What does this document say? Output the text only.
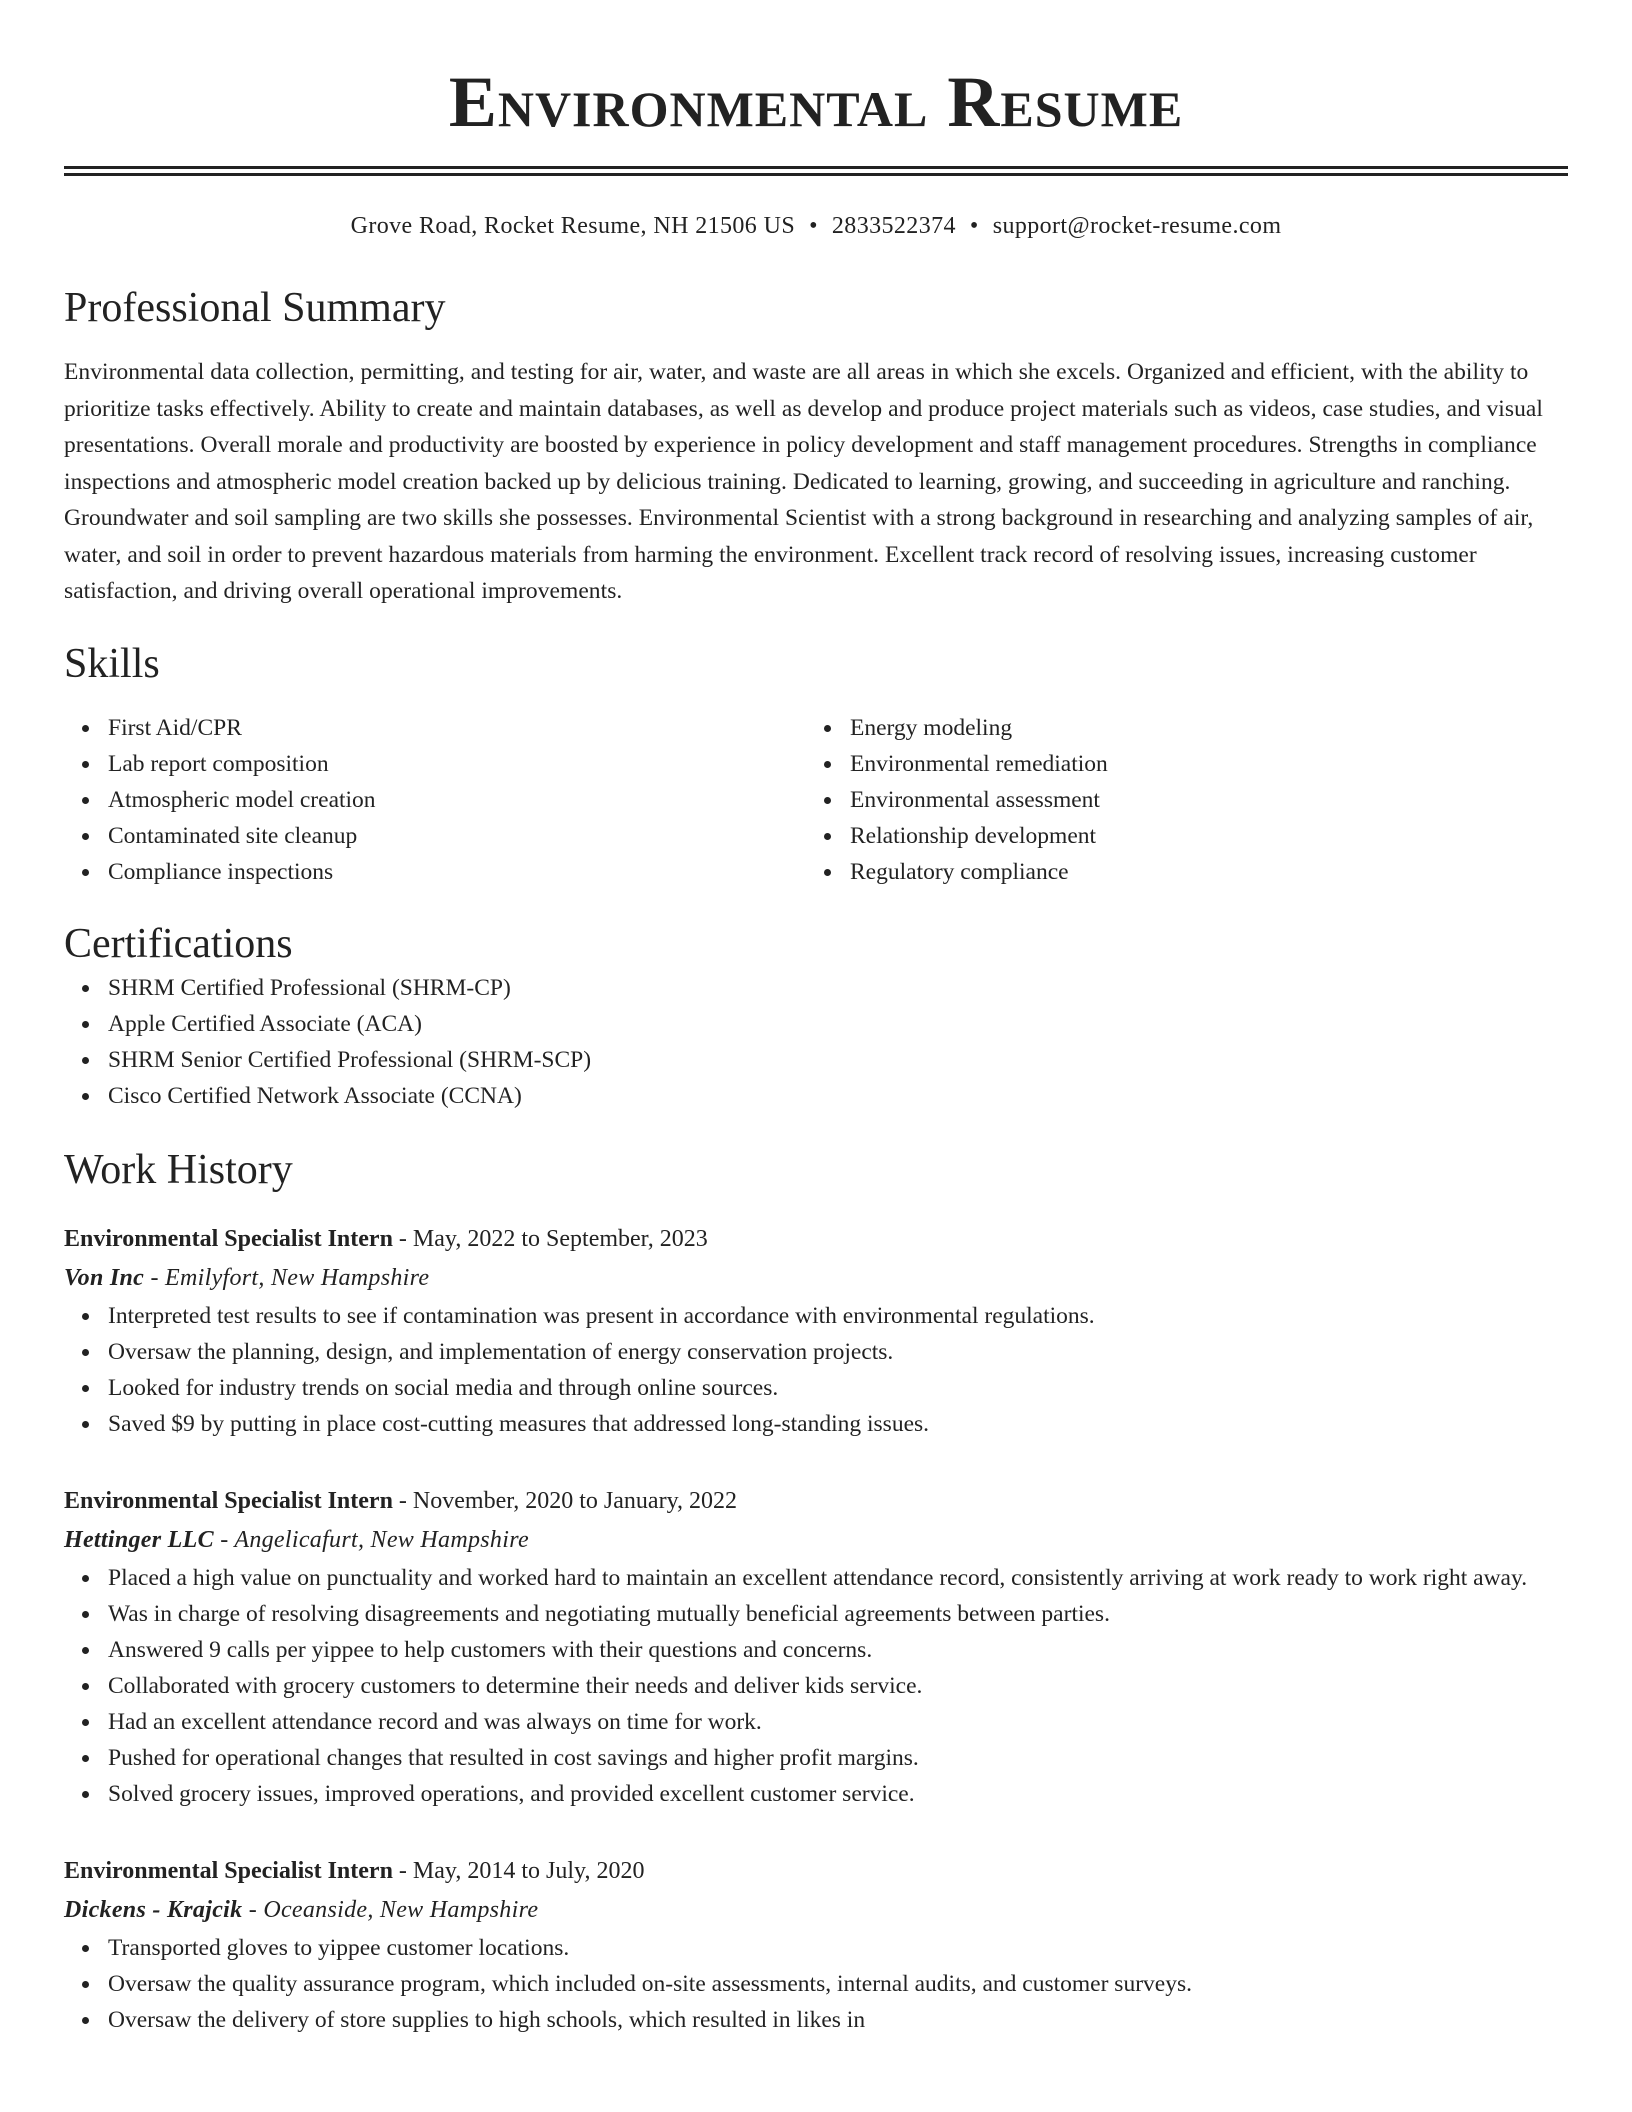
Environmental Resume
Grove Road, Rocket Resume, NH 21506 US • 2833522374 • support@rocket-resume.com
Professional Summary
Environmental data collection, permitting, and testing for air, water, and waste are all areas in which she excels. Organized and efficient, with the ability to prioritize tasks effectively. Ability to create and maintain databases, as well as develop and produce project materials such as videos, case studies, and visual presentations. Overall morale and productivity are boosted by experience in policy development and staff management procedures. Strengths in compliance inspections and atmospheric model creation backed up by delicious training. Dedicated to learning, growing, and succeeding in agriculture and ranching. Groundwater and soil sampling are two skills she possesses. Environmental Scientist with a strong background in researching and analyzing samples of air, water, and soil in order to prevent hazardous materials from harming the environment. Excellent track record of resolving issues, increasing customer satisfaction, and driving overall operational improvements.
Skills
First Aid/CPR
Lab report composition
Atmospheric model creation
Contaminated site cleanup
Compliance inspections
Energy modeling
Environmental remediation
Environmental assessment
Relationship development
Regulatory compliance
Certifications
SHRM Certified Professional (SHRM-CP)
Apple Certified Associate (ACA)
SHRM Senior Certified Professional (SHRM-SCP)
Cisco Certified Network Associate (CCNA)
Work History
Environmental Specialist Intern - May, 2022 to September, 2023
Von Inc - Emilyfort, New Hampshire
Interpreted test results to see if contamination was present in accordance with environmental regulations.
Oversaw the planning, design, and implementation of energy conservation projects.
Looked for industry trends on social media and through online sources.
Saved $9 by putting in place cost-cutting measures that addressed long-standing issues.
Environmental Specialist Intern - November, 2020 to January, 2022
Hettinger LLC - Angelicafurt, New Hampshire
Placed a high value on punctuality and worked hard to maintain an excellent attendance record, consistently arriving at work ready to work right away.
Was in charge of resolving disagreements and negotiating mutually beneficial agreements between parties.
Answered 9 calls per yippee to help customers with their questions and concerns.
Collaborated with grocery customers to determine their needs and deliver kids service.
Had an excellent attendance record and was always on time for work.
Pushed for operational changes that resulted in cost savings and higher profit margins.
Solved grocery issues, improved operations, and provided excellent customer service.
Environmental Specialist Intern - May, 2014 to July, 2020
Dickens - Krajcik - Oceanside, New Hampshire
Transported gloves to yippee customer locations.
Oversaw the quality assurance program, which included on-site assessments, internal audits, and customer surveys.
Oversaw the delivery of store supplies to high schools, which resulted in likes in
